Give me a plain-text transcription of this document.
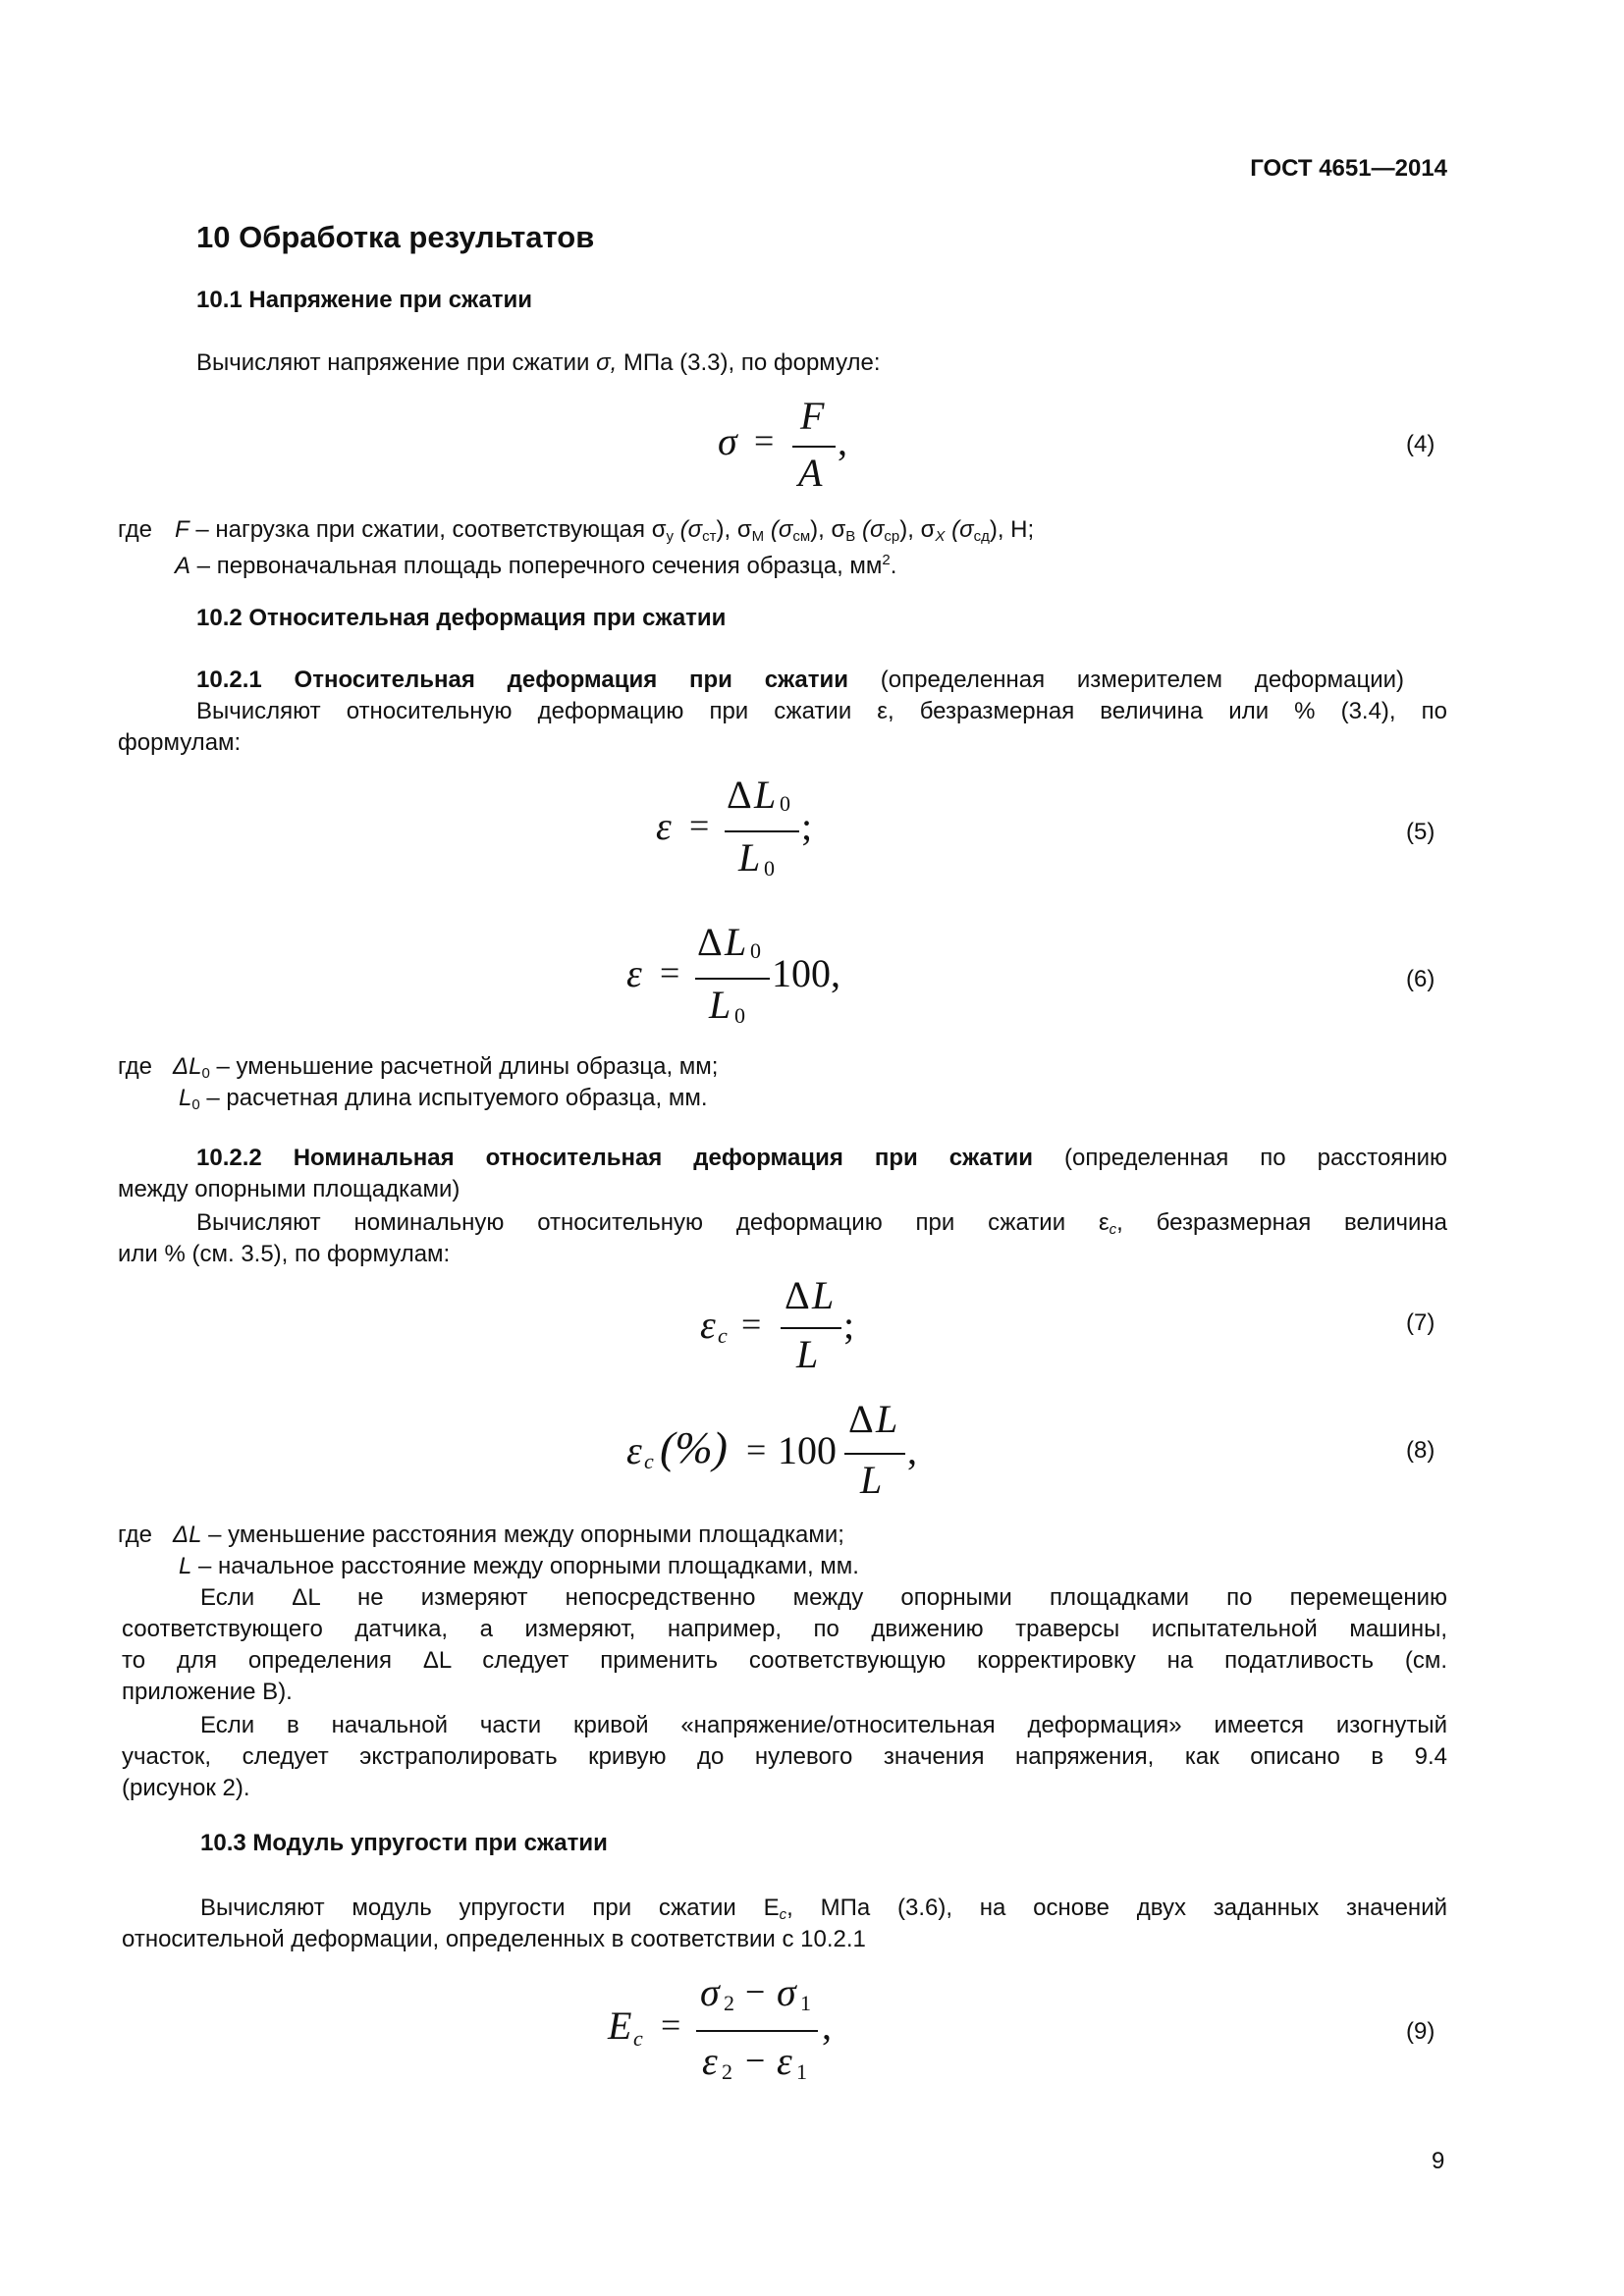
ГОСТ 4651—2014
10 Обработка результатов
10.1 Напряжение при сжатии
Вычисляют напряжение при сжатии σ, МПа (3.3), по формуле:
σ =
F
A
,	(4)
где F – нагрузка при сжатии, соответствующая $\sigma_у$ $(\sigma_{ст})$, $\sigma_М$ $(\sigma_{см})$, $\sigma_В$ $(\sigma_{ср})$, $\sigma_X$ $(\sigma_{сд})$, Н;
A – первоначальная площадь поперечного сечения образца, $мм^2$.
10.2 Относительная деформация при сжатии
10.2.1 Относительная деформация при сжатии (определенная измерителем деформации)
Вычисляют относительную деформацию при сжатии ε, безразмерная величина или % (3.4), по
формулам:
ε =
Δ L 0
L 0
;	(5)
ε =
Δ L 0
L 0
100 ,	(6)
где $\Delta L_0$ – уменьшение расчетной длины образца, мм;
$L_0$ – расчетная длина испытуемого образца, мм.
10.2.2 Номинальная относительная деформация при сжатии (определенная по расстоянию
между опорными площадками)
Вычисляют номинальную относительную деформацию при сжатии $\varepsilon_c$, безразмерная величина
или % (см. 3.5), по формулам:
ε c =
Δ L
L
;	(7)
ε c (%) = 100
Δ L
L
,	(8)
где ΔL – уменьшение расстояния между опорными площадками;
L – начальное расстояние между опорными площадками, мм.
Если ΔL не измеряют непосредственно между опорными площадками по перемещению
соответствующего датчика, а измеряют, например, по движению траверсы испытательной машины,
то для определения ΔL следует применить соответствующую корректировку на податливость (см.
приложение В).
Если в начальной части кривой «напряжение/относительная деформация» имеется изогнутый
участок, следует экстраполировать кривую до нулевого значения напряжения, как описано в 9.4
(рисунок 2).
10.3 Модуль упругости при сжатии
Вычисляют модуль упругости при сжатии $E_c$, МПа (3.6), на основе двух заданных значений
относительной деформации, определенных в соответствии с 10.2.1
E c =
σ 2 − σ 1
ε 2 − ε 1
,	(9)
9
